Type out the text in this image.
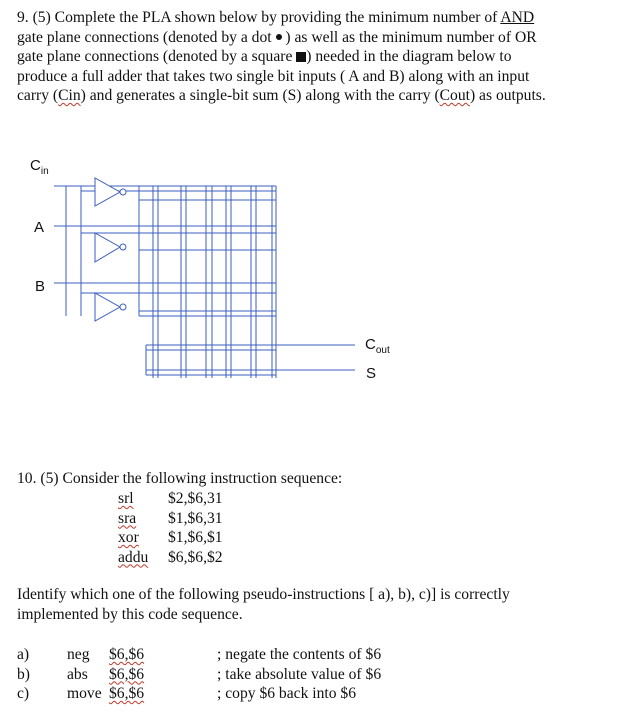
9. (5) Complete the PLA shown below by providing the minimum number of AND
gate plane connections (denoted by a dot  ) as well as the minimum number of OR
gate plane connections (denoted by a square ) needed in the diagram below to
produce a full adder that takes two single bit inputs ( A and B) along with an input
carry (Cin) and generates a single-bit sum (S) along with the carry (Cout) as outputs.
$C_{in}$
A
B
$C_{out}$
S
10. (5) Consider the following instruction sequence:
srl $2,$6,31
sra $1,$6,31
xor $1,$6,$1
addu $6,$6,$2
Identify which one of the following pseudo-instructions [ a), b), c)] is correctly
implemented by this code sequence.
a) neg $6,$6	; negate the contents of $6
b) abs $6,$6	; take absolute value of $6
c) move $6,$6	; copy $6 back into $6
